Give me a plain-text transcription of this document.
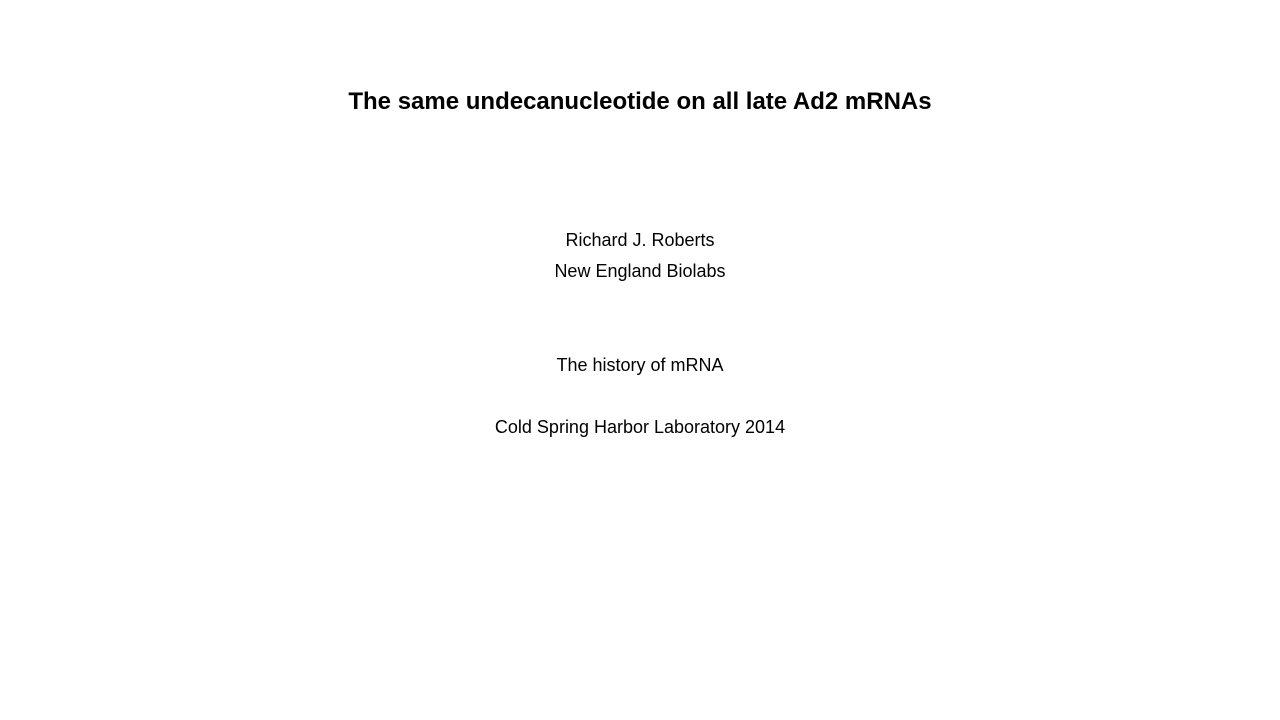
The same undecanucleotide on all late Ad2 mRNAs
Richard J. Roberts
New England Biolabs
The history of mRNA
Cold Spring Harbor Laboratory 2014
